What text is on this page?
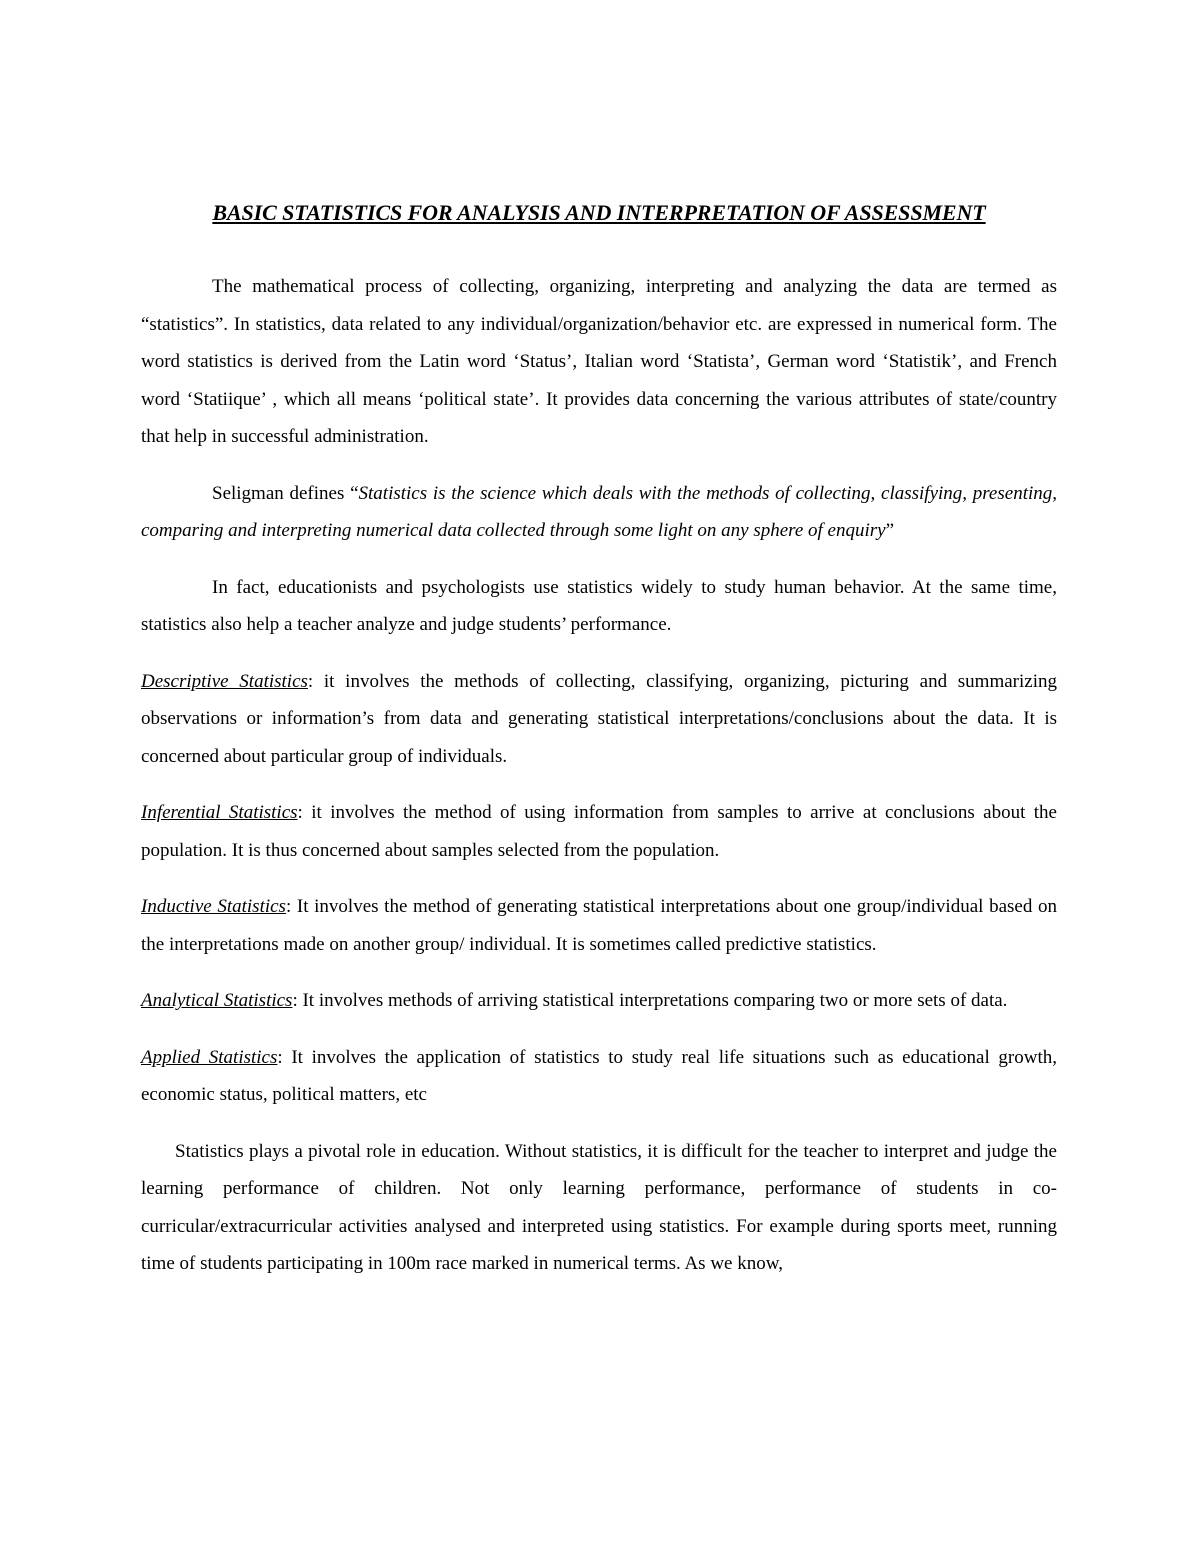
BASIC STATISTICS FOR ANALYSIS AND INTERPRETATION OF ASSESSMENT

The mathematical process of collecting, organizing, interpreting and analyzing the data are termed as “statistics”. In statistics, data related to any individual/organization/behavior etc. are expressed in numerical form. The word statistics is derived from the Latin word ‘Status’, Italian word ‘Statista’, German word ‘Statistik’, and French word ‘Statiique’ , which all means ‘political state’. It provides data concerning the various attributes of state/country that help in successful administration.

Seligman defines “Statistics is the science which deals with the methods of collecting, classifying, presenting, comparing and interpreting numerical data collected through some light on any sphere of enquiry”

In fact, educationists and psychologists use statistics widely to study human behavior. At the same time, statistics also help a teacher analyze and judge students’ performance.

Descriptive Statistics: it involves the methods of collecting, classifying, organizing, picturing and summarizing observations or information’s from data and generating statistical interpretations/conclusions about the data. It is concerned about particular group of individuals.

Inferential Statistics: it involves the method of using information from samples to arrive at conclusions about the population. It is thus concerned about samples selected from the population.

Inductive Statistics: It involves the method of generating statistical interpretations about one group/individual based on the interpretations made on another group/ individual. It is sometimes called predictive statistics.

Analytical Statistics: It involves methods of arriving statistical interpretations comparing two or more sets of data.

Applied Statistics: It involves the application of statistics to study real life situations such as educational growth, economic status, political matters, etc

Statistics plays a pivotal role in education. Without statistics, it is difficult for the teacher to interpret and judge the learning performance of children. Not only learning performance, performance of students in co-curricular/extracurricular activities analysed and interpreted using statistics. For example during sports meet, running time of students participating in 100m race marked in numerical terms. As we know,
